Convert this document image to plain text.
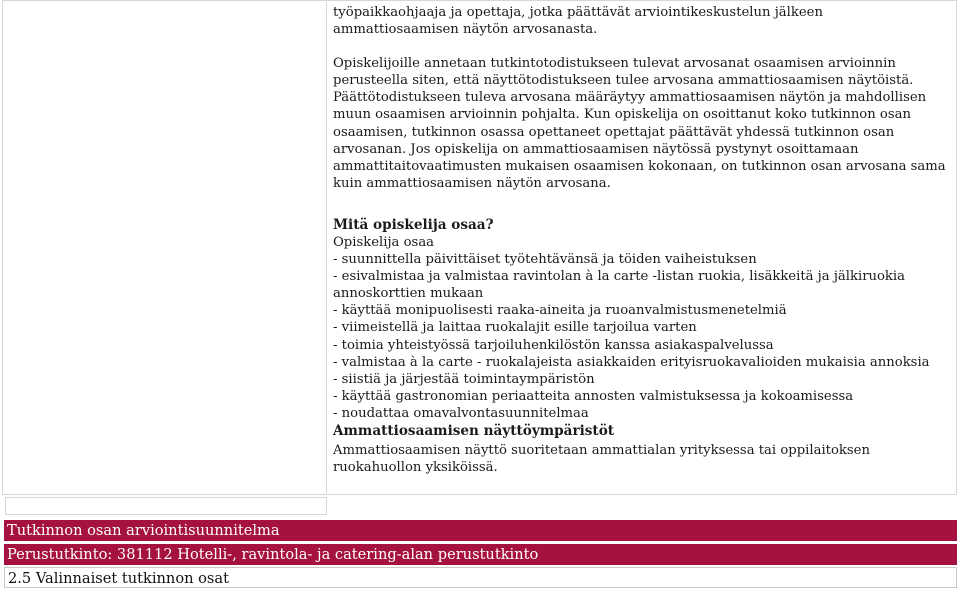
työpaikkaohjaaja ja opettaja, jotka päättävät arviointikeskustelun jälkeen ammattiosaamisen näytön arvosanasta.

Opiskelijoille annetaan tutkintotodistukseen tulevat arvosanat osaamisen arvioinnin perusteella siten, että näyttötodistukseen tulee arvosana ammattiosaamisen näytöistä. Päättötodistukseen tuleva arvosana määräytyy ammattiosaamisen näytön ja mahdollisen muun osaamisen arvioinnin pohjalta. Kun opiskelija on osoittanut koko tutkinnon osan osaamisen, tutkinnon osassa opettaneet opettajat päättävät yhdessä tutkinnon osan arvosanan. Jos opiskelija on ammattiosaamisen näytössä pystynyt osoittamaan ammattitaitovaatimusten mukaisen osaamisen kokonaan, on tutkinnon osan arvosana sama kuin ammattiosaamisen näytön arvosana.

Mitä opiskelija osaa?

Opiskelija osaa

- suunnittella päivittäiset työtehtävänsä ja töiden vaiheistuksen
- esivalmistaa ja valmistaa ravintolan à la carte -listan ruokia, lisäkkeitä ja jälkiruokia annoskorttien mukaan
- käyttää monipuolisesti raaka-aineita ja ruoanvalmistusmenetelmiä
- viimeistellä ja laittaa ruokalajit esille tarjoilua varten
- toimia yhteistyössä tarjoiluhenkilöstön kanssa asiakaspalvelussa
- valmistaa à la carte - ruokalajeista asiakkaiden erityisruokavalioiden mukaisia annoksia
- siistiä ja järjestää toimintaympäristön
- käyttää gastronomian periaatteita annosten valmistuksessa ja kokoamisessa
- noudattaa omavalvontasuunnitelmaa
Ammattiosaamisen näyttöympäristöt

Ammattiosaamisen näyttö suoritetaan ammattialan yrityksessa tai oppilaitoksen ruokahuollon yksiköissä.

Tutkinnon osan arviointisuunnitelma
Perustutkinto: 381112 Hotelli-, ravintola- ja catering-alan perustutkinto
2.5 Valinnaiset tutkinnon osat
